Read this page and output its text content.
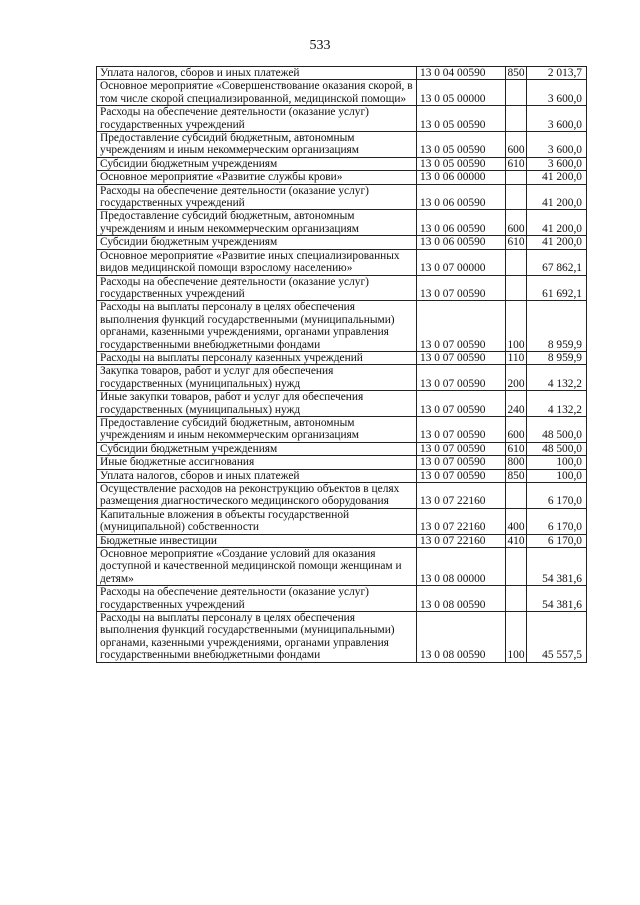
533
Уплата налогов, сборов и иных платежей	13 0 04 00590	850	2 013,7
Основное мероприятие «Совершенствование оказания скорой, в том числе скорой специализированной, медицинской помощи»	13 0 05 00000		3 600,0
Расходы на обеспечение деятельности (оказание услуг) государственных учреждений	13 0 05 00590		3 600,0
Предоставление субсидий бюджетным, автономным учреждениям и иным некоммерческим организациям	13 0 05 00590	600	3 600,0
Субсидии бюджетным учреждениям	13 0 05 00590	610	3 600,0
Основное мероприятие «Развитие службы крови»	13 0 06 00000		41 200,0
Расходы на обеспечение деятельности (оказание услуг) государственных учреждений	13 0 06 00590		41 200,0
Предоставление субсидий бюджетным, автономным учреждениям и иным некоммерческим организациям	13 0 06 00590	600	41 200,0
Субсидии бюджетным учреждениям	13 0 06 00590	610	41 200,0
Основное мероприятие «Развитие иных специализированных видов медицинской помощи взрослому населению»	13 0 07 00000		67 862,1
Расходы на обеспечение деятельности (оказание услуг) государственных учреждений	13 0 07 00590		61 692,1
Расходы на выплаты персоналу в целях обеспечения выполнения функций государственными (муниципальными) органами, казенными учреждениями, органами управления государственными внебюджетными фондами	13 0 07 00590	100	8 959,9
Расходы на выплаты персоналу казенных учреждений	13 0 07 00590	110	8 959,9
Закупка товаров, работ и услуг для обеспечения государственных (муниципальных) нужд	13 0 07 00590	200	4 132,2
Иные закупки товаров, работ и услуг для обеспечения государственных (муниципальных) нужд	13 0 07 00590	240	4 132,2
Предоставление субсидий бюджетным, автономным учреждениям и иным некоммерческим организациям	13 0 07 00590	600	48 500,0
Субсидии бюджетным учреждениям	13 0 07 00590	610	48 500,0
Иные бюджетные ассигнования	13 0 07 00590	800	100,0
Уплата налогов, сборов и иных платежей	13 0 07 00590	850	100,0
Осуществление расходов на реконструкцию объектов в целях размещения диагностического медицинского оборудования	13 0 07 22160		6 170,0
Капитальные вложения в объекты государственной (муниципальной) собственности	13 0 07 22160	400	6 170,0
Бюджетные инвестиции	13 0 07 22160	410	6 170,0
Основное мероприятие «Создание условий для оказания доступной и качественной медицинской помощи женщинам и детям»	13 0 08 00000		54 381,6
Расходы на обеспечение деятельности (оказание услуг) государственных учреждений	13 0 08 00590		54 381,6
Расходы на выплаты персоналу в целях обеспечения выполнения функций государственными (муниципальными) органами, казенными учреждениями, органами управления государственными внебюджетными фондами	13 0 08 00590	100	45 557,5
